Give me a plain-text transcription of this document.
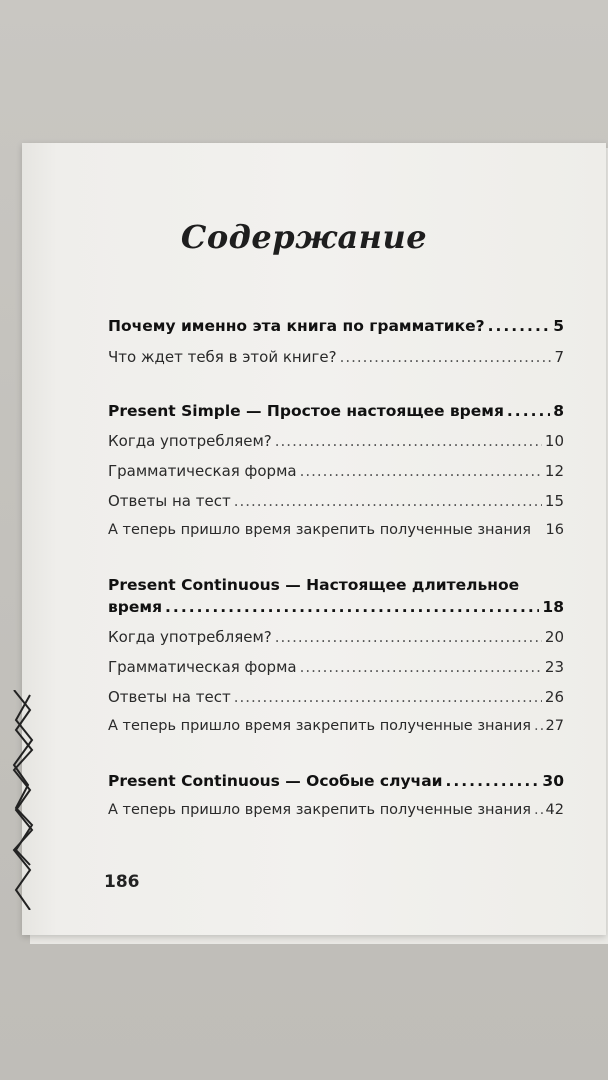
Содержание
Почему именно эта книга по грамматике? .....	5
Что ждет тебя в этой книге? .....	7
Present Simple — Простое настоящее время .....	8
Когда употребляем? .....	10
Грамматическая форма .....	12
Ответы на тест .....	15
А теперь пришло время закрепить полученные знания	16
Present Continuous — Настоящее длительное
время .....	18
Когда употребляем? .....	20
Грамматическая форма .....	23
Ответы на тест .....	26
А теперь пришло время закрепить полученные знания ..... 27
Present Continuous — Особые случаи .....	30
А теперь пришло время закрепить полученные знания ..... 42
186
